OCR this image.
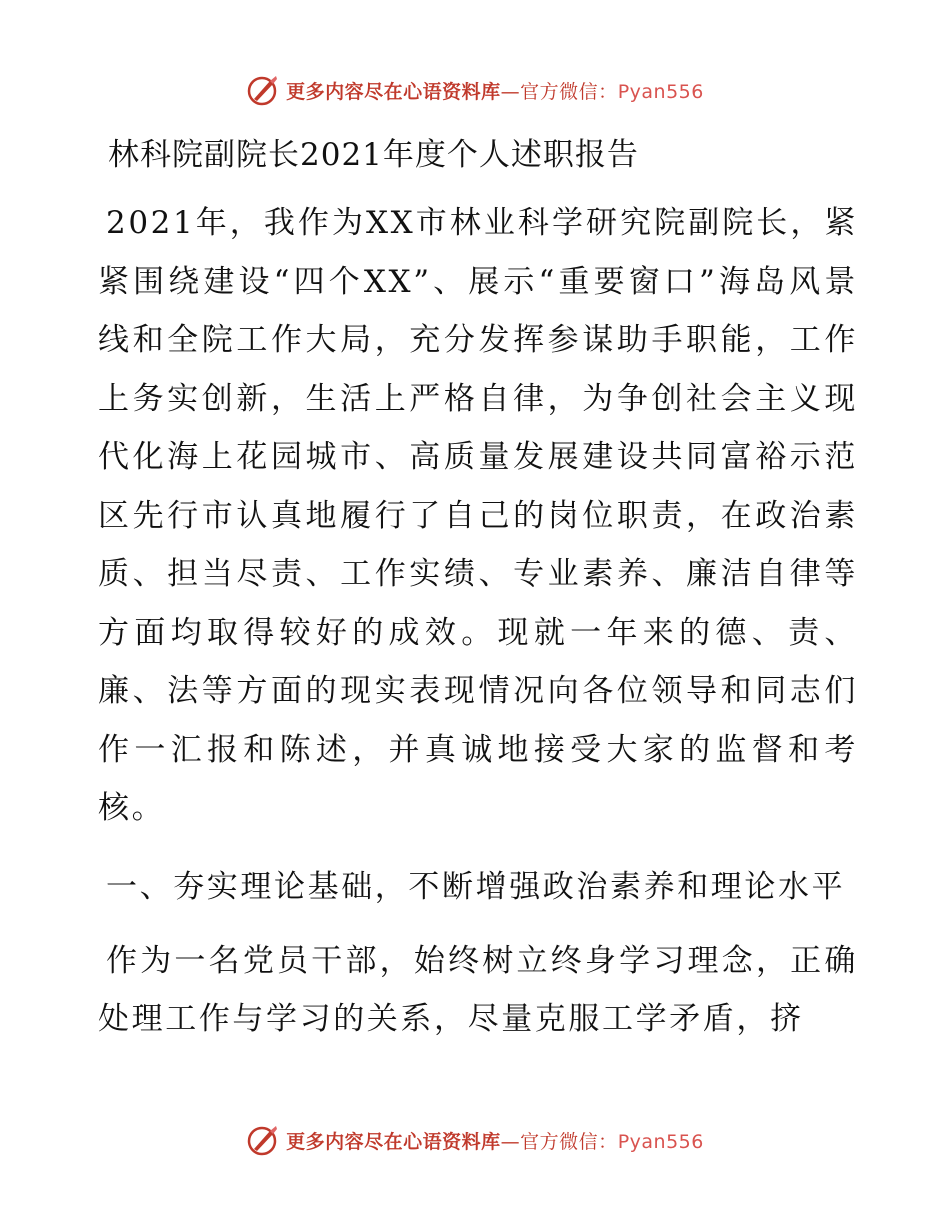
更多内容尽在心语资料库—官方微信：Pyan556
林科院副院长2021年度个人述职报告

2021年，我作为XX市林业科学研究院副院长，紧紧围绕建设“四个XX”、展示“重要窗口”海岛风景线和全院工作大局，充分发挥参谋助手职能，工作上务实创新，生活上严格自律，为争创社会主义现代化海上花园城市、高质量发展建设共同富裕示范区先行市认真地履行了自己的岗位职责，在政治素质、担当尽责、工作实绩、专业素养、廉洁自律等方面均取得较好的成效。现就一年来的德、责、廉、法等方面的现实表现情况向各位领导和同志们作一汇报和陈述，并真诚地接受大家的监督和考核。

一、夯实理论基础，不断增强政治素养和理论水平

作为一名党员干部，始终树立终身学习理念，正确处理工作与学习的关系，尽量克服工学矛盾，挤

更多内容尽在心语资料库—官方微信：Pyan556
